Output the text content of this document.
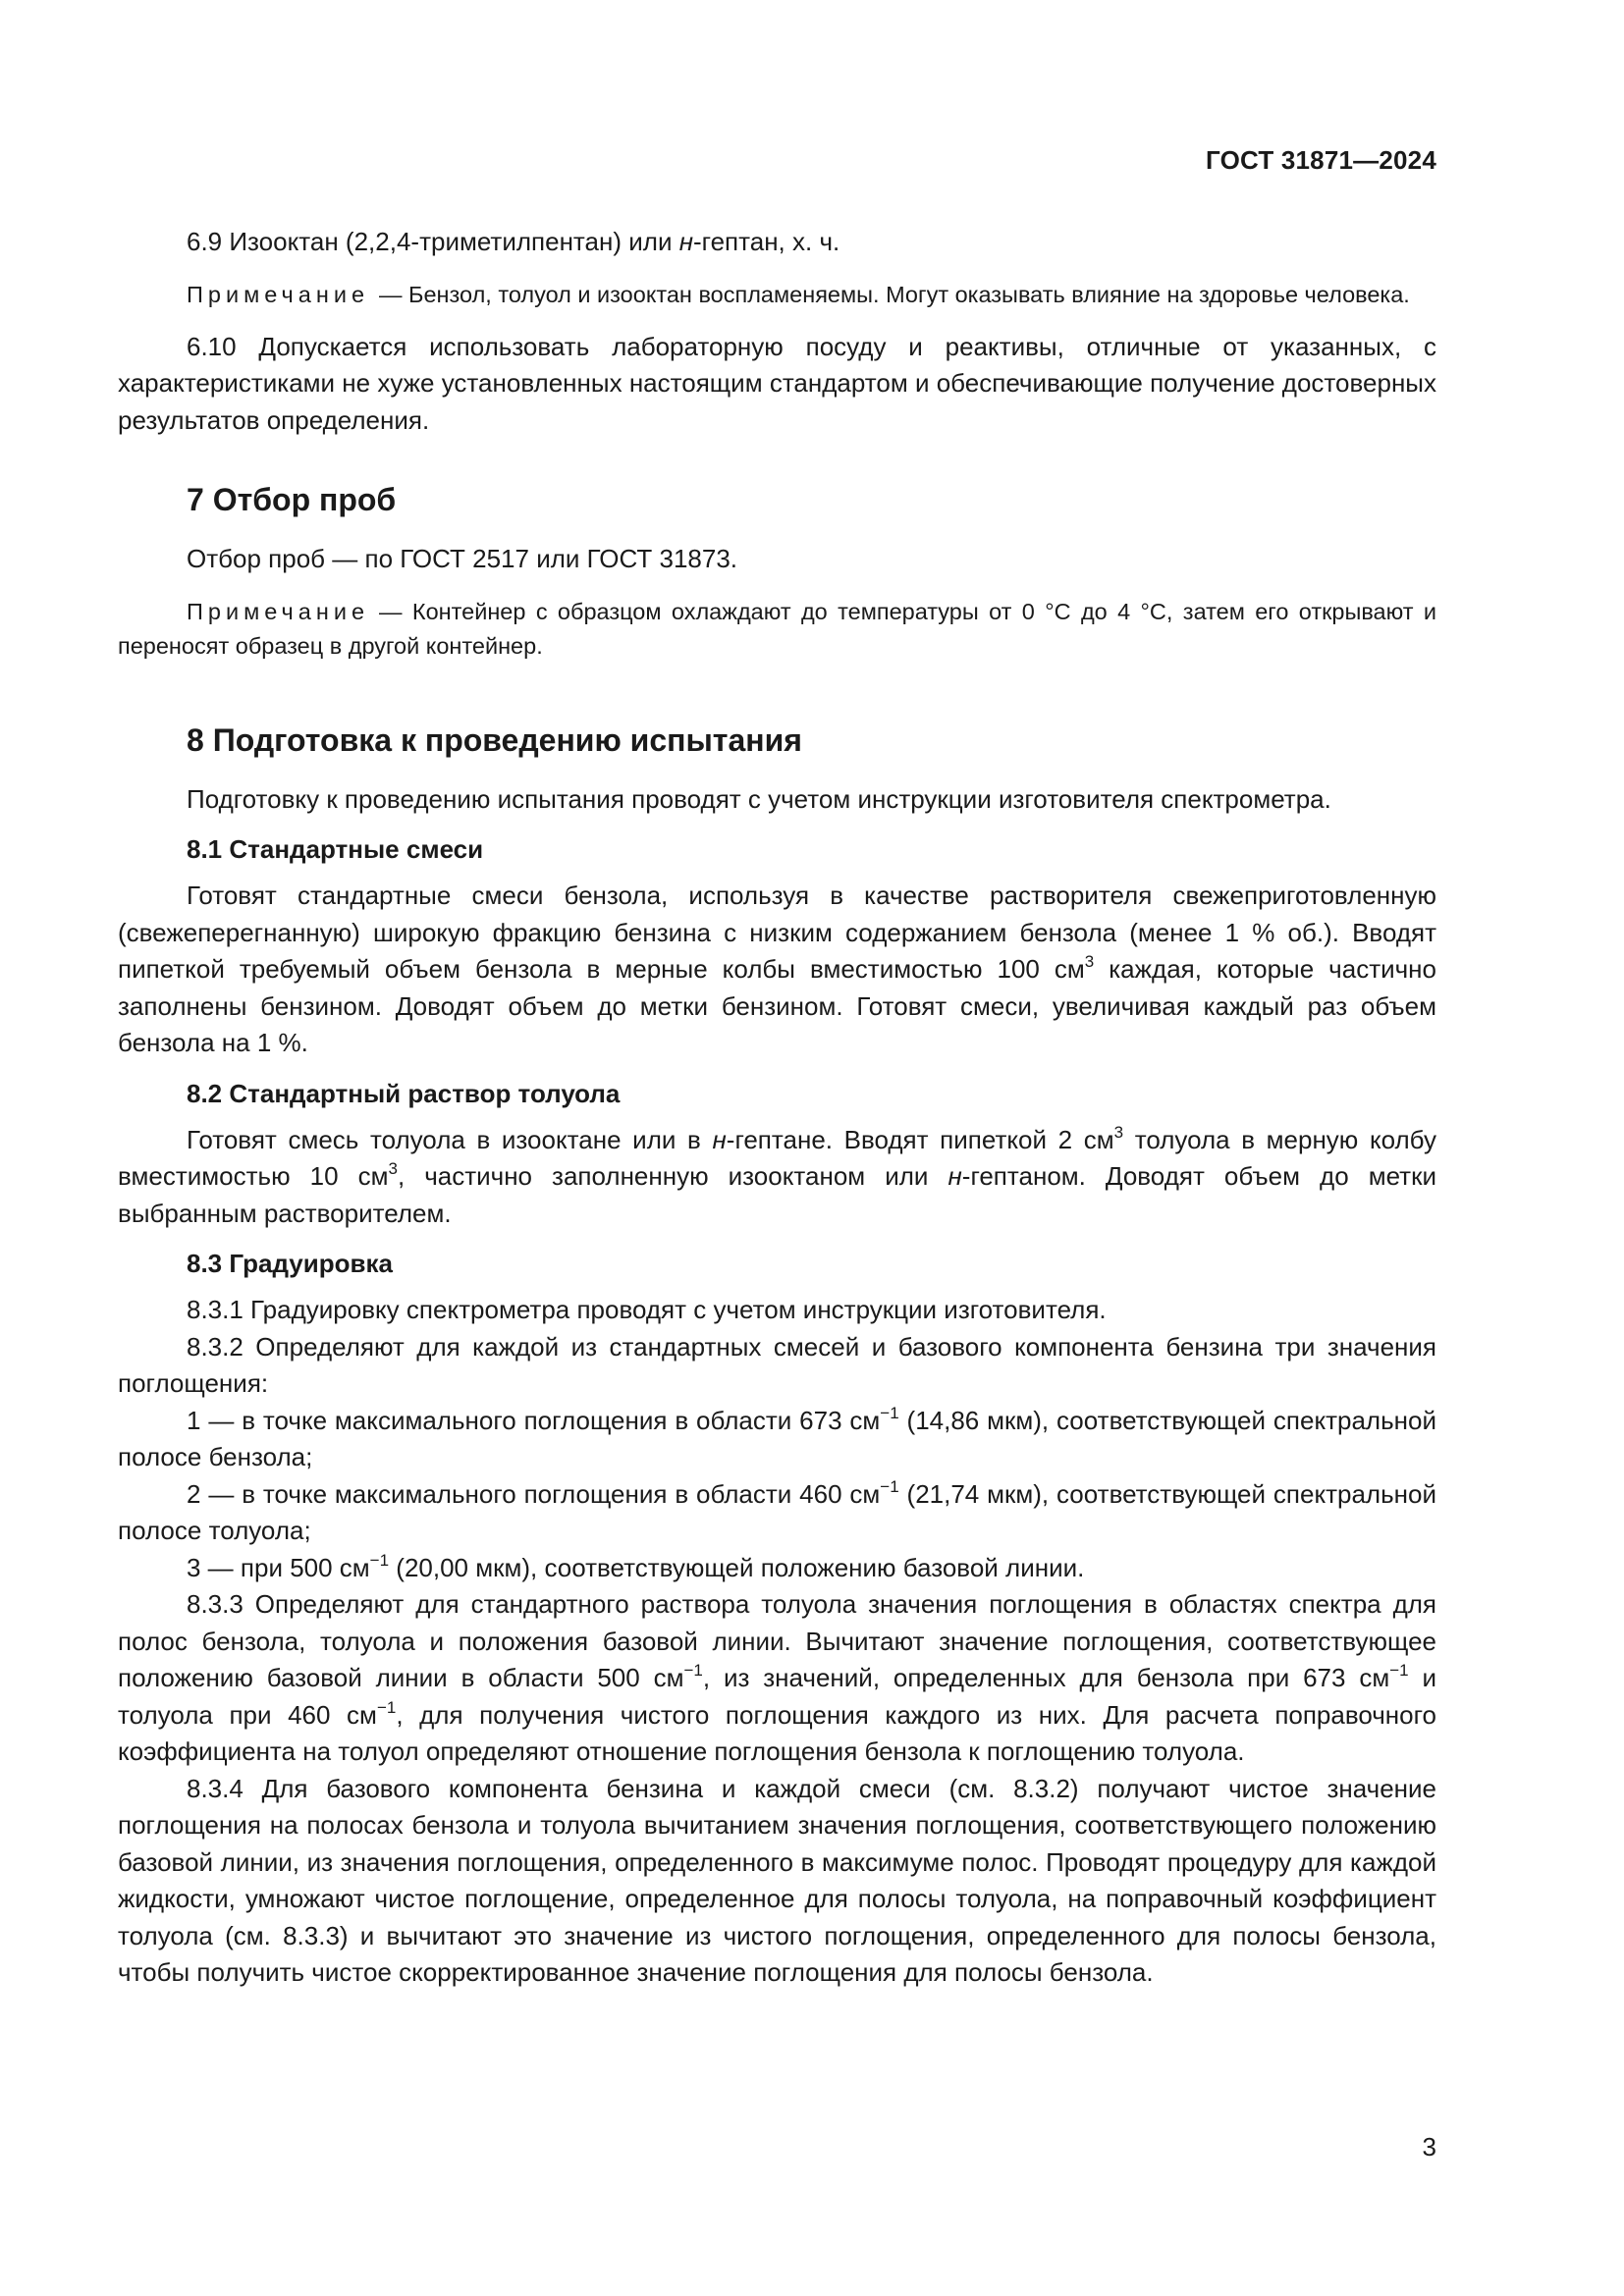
ГОСТ 31871—2024

6.9 Изооктан (2,2,4-триметилпентан) или н-гептан, х. ч.

Примечание — Бензол, толуол и изооктан воспламеняемы. Могут оказывать влияние на здоровье человека.

6.10 Допускается использовать лабораторную посуду и реактивы, отличные от указанных, с характеристиками не хуже установленных настоящим стандартом и обеспечивающие получение достоверных результатов определения.

7 Отбор проб

Отбор проб — по ГОСТ 2517 или ГОСТ 31873.

Примечание — Контейнер с образцом охлаждают до температуры от 0 °С до 4 °С, затем его открывают и переносят образец в другой контейнер.

8 Подготовка к проведению испытания

Подготовку к проведению испытания проводят с учетом инструкции изготовителя спектрометра.

8.1 Стандартные смеси

Готовят стандартные смеси бензола, используя в качестве растворителя свежеприготовленную (свежеперегнанную) широкую фракцию бензина с низким содержанием бензола (менее 1 % об.). Вводят пипеткой требуемый объем бензола в мерные колбы вместимостью 100 $см^3$ каждая, которые частично заполнены бензином. Доводят объем до метки бензином. Готовят смеси, увеличивая каждый раз объем бензола на 1 %.

8.2 Стандартный раствор толуола

Готовят смесь толуола в изооктане или в н-гептане. Вводят пипеткой 2 $см^3$ толуола в мерную колбу вместимостью 10 $см^3$, частично заполненную изооктаном или н-гептаном. Доводят объем до метки выбранным растворителем.

8.3 Градуировка

8.3.1 Градуировку спектрометра проводят с учетом инструкции изготовителя.

8.3.2 Определяют для каждой из стандартных смесей и базового компонента бензина три значения поглощения:

1 — в точке максимального поглощения в области 673 $см^{-1}$ (14,86 мкм), соответствующей спектральной полосе бензола;

2 — в точке максимального поглощения в области 460 $см^{-1}$ (21,74 мкм), соответствующей спектральной полосе толуола;

3 — при 500 $см^{-1}$ (20,00 мкм), соответствующей положению базовой линии.

8.3.3 Определяют для стандартного раствора толуола значения поглощения в областях спектра для полос бензола, толуола и положения базовой линии. Вычитают значение поглощения, соответствующее положению базовой линии в области 500 $см^{-1}$, из значений, определенных для бензола при 673 $см^{-1}$ и толуола при 460 $см^{-1}$, для получения чистого поглощения каждого из них. Для расчета поправочного коэффициента на толуол определяют отношение поглощения бензола к поглощению толуола.

8.3.4 Для базового компонента бензина и каждой смеси (см. 8.3.2) получают чистое значение поглощения на полосах бензола и толуола вычитанием значения поглощения, соответствующего положению базовой линии, из значения поглощения, определенного в максимуме полос. Проводят процедуру для каждой жидкости, умножают чистое поглощение, определенное для полосы толуола, на поправочный коэффициент толуола (см. 8.3.3) и вычитают это значение из чистого поглощения, определенного для полосы бензола, чтобы получить чистое скорректированное значение поглощения для полосы бензола.

3
